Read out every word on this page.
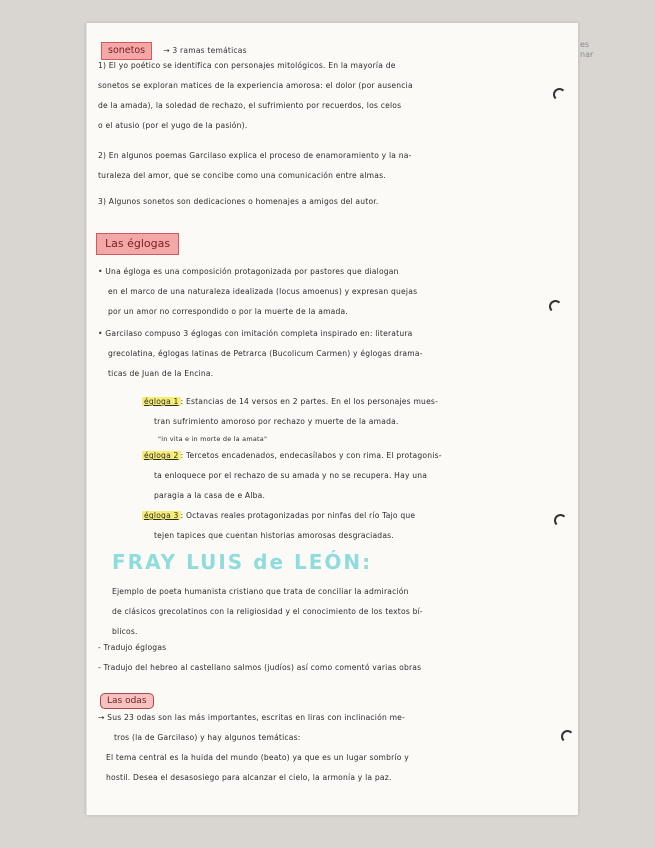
es
nar
sonetos → 3 ramas temáticas
1) El yo poético se identifica con personajes mitológicos. En la mayoría de
sonetos se exploran matices de la experiencia amorosa: el dolor (por ausencia
de la amada), la soledad de rechazo, el sufrimiento por recuerdos, los celos
o el atusio (por el yugo de la pasión).
2) En algunos poemas Garcilaso explica el proceso de enamoramiento y la na-
turaleza del amor, que se concibe como una comunicación entre almas.
3) Algunos sonetos son dedicaciones o homenajes a amigos del autor.
Las églogas
• Una égloga es una composición protagonizada por pastores que dialogan
en el marco de una naturaleza idealizada (locus amoenus) y expresan quejas
por un amor no correspondido o por la muerte de la amada.
• Garcilaso compuso 3 églogas con imitación completa inspirado en: literatura
grecolatina, églogas latinas de Petrarca (Bucolicum Carmen) y églogas drama-
ticas de Juan de la Encina.
égloga 1 : Estancias de 14 versos en 2 partes. En el los personajes mues-
tran sufrimiento amoroso por rechazo y muerte de la amada.
"in vita e in morte de la amata"
égloga 2 : Tercetos encadenados, endecasílabos y con rima. El protagonis-
ta enloquece por el rechazo de su amada y no se recupera. Hay una
paragia a la casa de e Alba.
égloga 3 : Octavas reales protagonizadas por ninfas del río Tajo que
tejen tapices que cuentan historias amorosas desgraciadas.
FRAY LUIS de LEÓN:
Ejemplo de poeta humanista cristiano que trata de conciliar la admiración
de clásicos grecolatinos con la religiosidad y el conocimiento de los textos bí-
blicos.
- Tradujo églogas
- Tradujo del hebreo al castellano salmos (judíos) así como comentó varias obras
Las odas
→ Sus 23 odas son las más importantes, escritas en liras con inclinación me-
tros (la de Garcilaso) y hay algunos temáticas:
El tema central es la huida del mundo (beato) ya que es un lugar sombrío y
hostil. Desea el desasosiego para alcanzar el cielo, la armonía y la paz.
